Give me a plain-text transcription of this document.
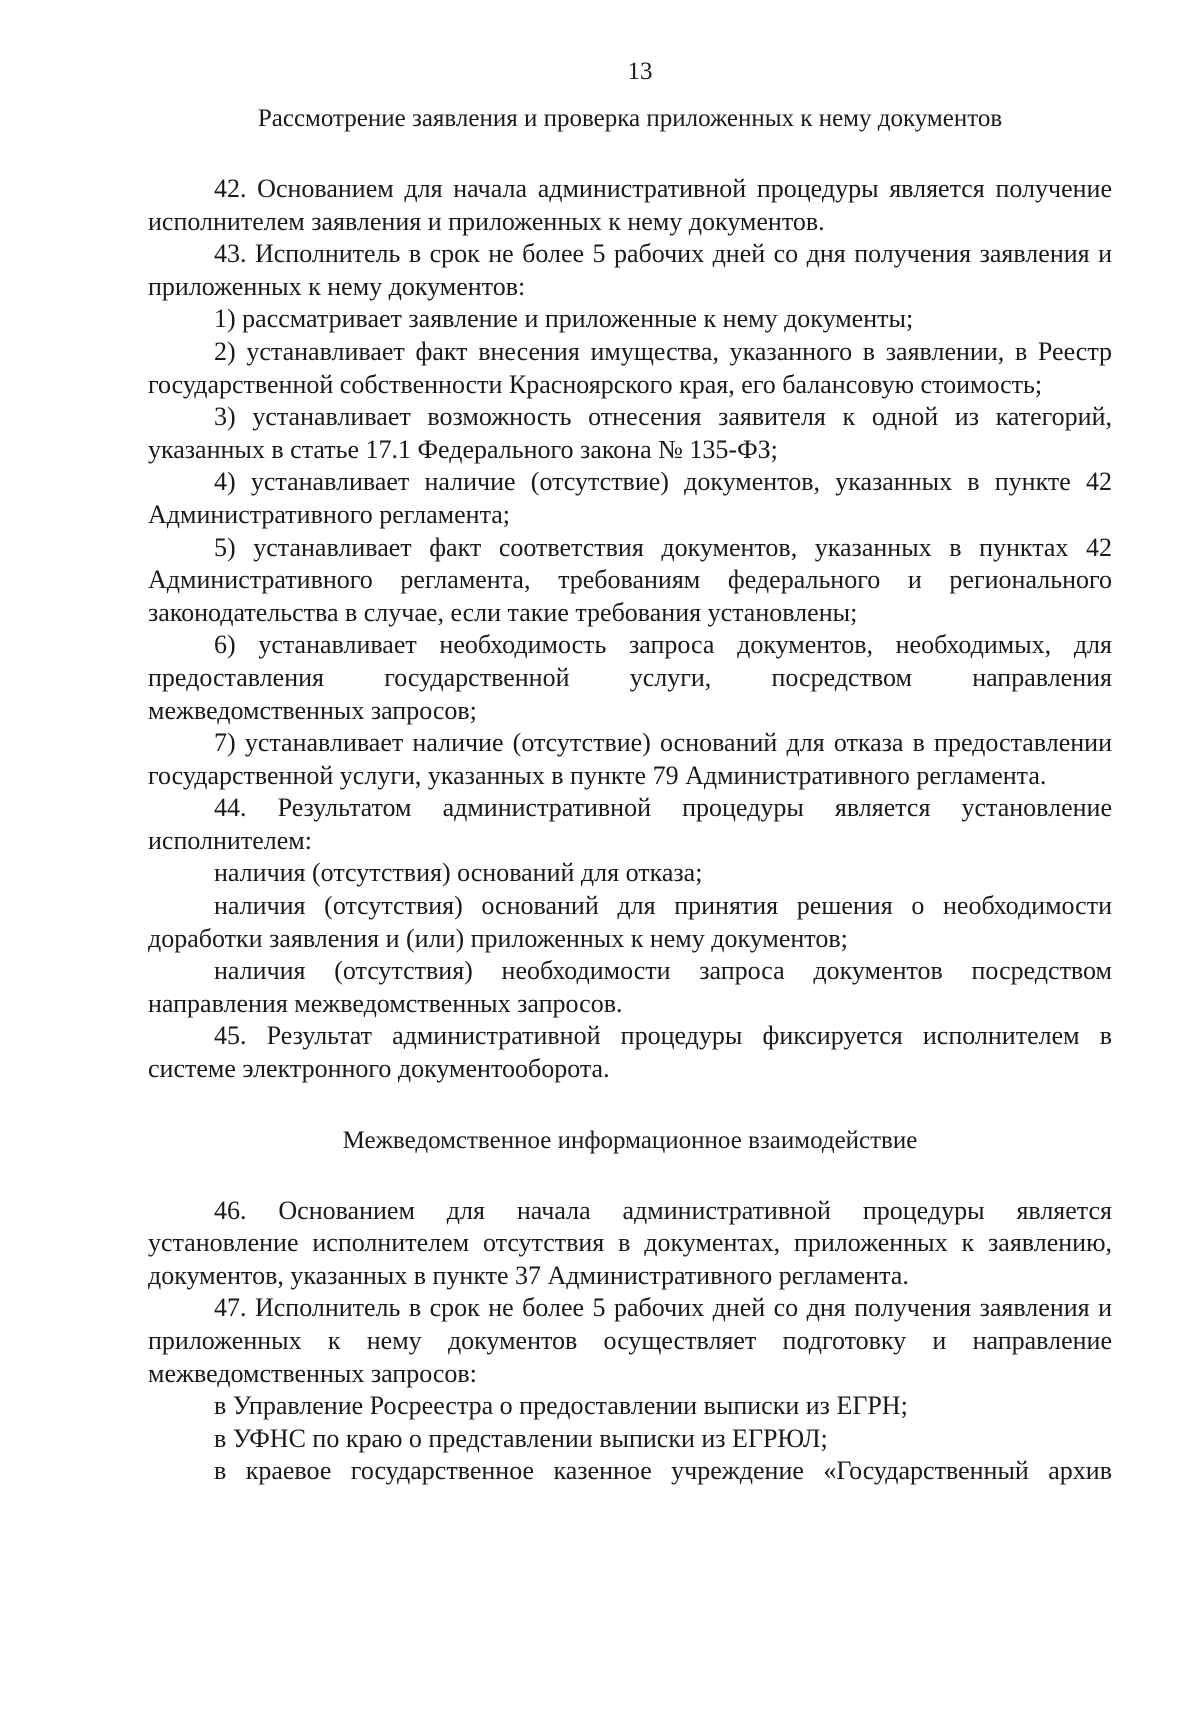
13
Рассмотрение заявления и проверка приложенных к нему документов

42. Основанием для начала административной процедуры является получение исполнителем заявления и приложенных к нему документов.

43. Исполнитель в срок не более 5 рабочих дней со дня получения заявления и приложенных к нему документов:

1) рассматривает заявление и приложенные к нему документы;

2) устанавливает факт внесения имущества, указанного в заявлении, в Реестр государственной собственности Красноярского края, его балансовую стоимость;

3) устанавливает возможность отнесения заявителя к одной из категорий, указанных в статье 17.1 Федерального закона № 135-ФЗ;

4) устанавливает наличие (отсутствие) документов, указанных в пункте 42 Административного регламента;

5) устанавливает факт соответствия документов, указанных в пунктах 42 Административного регламента, требованиям федерального и регионального законодательства в случае, если такие требования установлены;

6) устанавливает необходимость запроса документов, необходимых, для предоставления государственной услуги, посредством направления межведомственных запросов;

7) устанавливает наличие (отсутствие) оснований для отказа в предоставлении государственной услуги, указанных в пункте 79 Административного регламента.

44. Результатом административной процедуры является установление исполнителем:

наличия (отсутствия) оснований для отказа;

наличия (отсутствия) оснований для принятия решения о необходимости доработки заявления и (или) приложенных к нему документов;

наличия (отсутствия) необходимости запроса документов посредством направления межведомственных запросов.

45. Результат административной процедуры фиксируется исполнителем в системе электронного документооборота.

Межведомственное информационное взаимодействие

46. Основанием для начала административной процедуры является установление исполнителем отсутствия в документах, приложенных к заявлению, документов, указанных в пункте 37 Административного регламента.

47. Исполнитель в срок не более 5 рабочих дней со дня получения заявления и приложенных к нему документов осуществляет подготовку и направление межведомственных запросов:

в Управление Росреестра о предоставлении выписки из ЕГРН;

в УФНС по краю о представлении выписки из ЕГРЮЛ;

в краевое государственное казенное учреждение «Государственный архив
